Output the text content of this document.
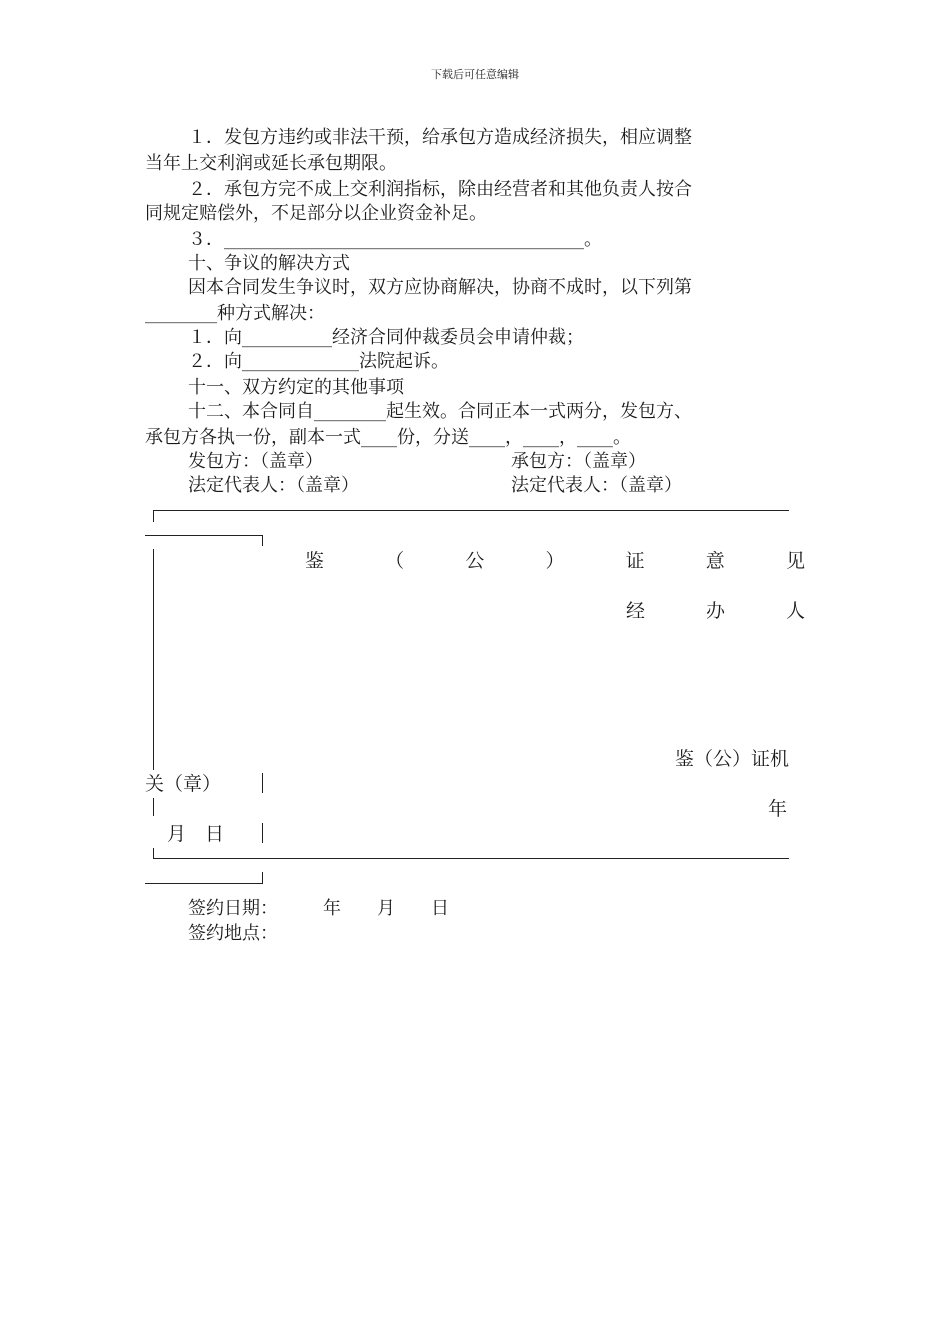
下载后可任意编辑
１．发包方违约或非法干预，给承包方造成经济损失，相应调整
当年上交利润或延长承包期限。
２．承包方完不成上交利润指标，除由经营者和其他负责人按合
同规定赔偿外，不足部分以企业资金补足。
３．________________________________________。
十、争议的解决方式
因本合同发生争议时，双方应协商解决，协商不成时，以下列第
________种方式解决：
１．向__________经济合同仲裁委员会申请仲裁；
２．向_____________法院起诉。
十一、双方约定的其他事项
十二、本合同自________起生效。合同正本一式两分，发包方、
承包方各执一份，副本一式____份，分送____，____，____。
发包方：（盖章）	承包方：（盖章）
法定代表人：（盖章）	法定代表人：（盖章）
鉴	（	公	）	证	意	见
经	办	人
鉴（公）证机
关（章）
年
月　日
签约日期：　　　年　　月　　日
签约地点：
